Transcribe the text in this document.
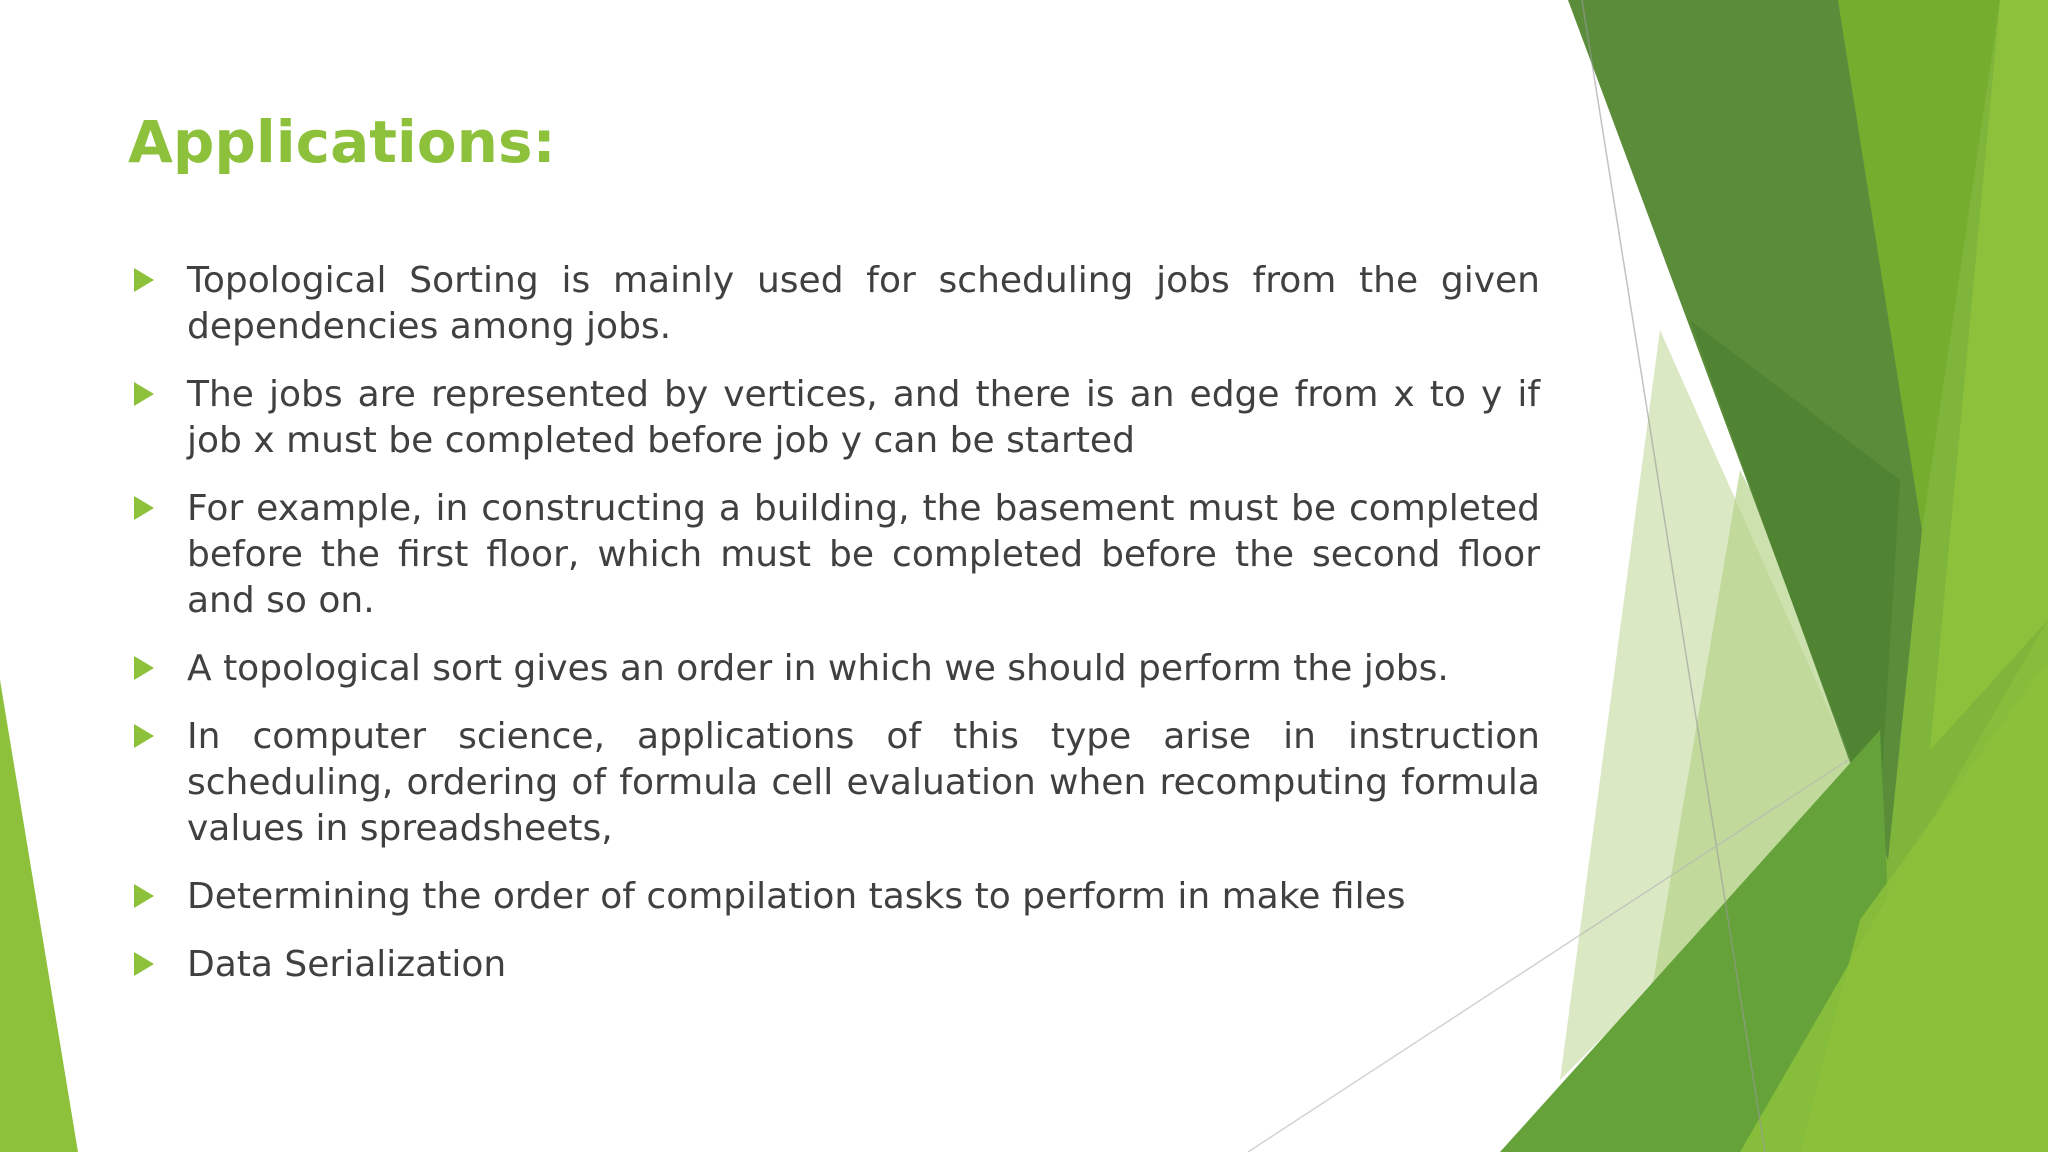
Applications:
Topological Sorting is mainly used for scheduling jobs from the given dependencies among jobs.
The jobs are represented by vertices, and there is an edge from x to y if job x must be completed before job y can be started
For example, in constructing a building, the basement must be completed before the first floor, which must be completed before the second floor and so on.
A topological sort gives an order in which we should perform the jobs.
In computer science, applications of this type arise in instruction scheduling, ordering of formula cell evaluation when recomputing formula values in spreadsheets,
Determining the order of compilation tasks to perform in make files
Data Serialization
